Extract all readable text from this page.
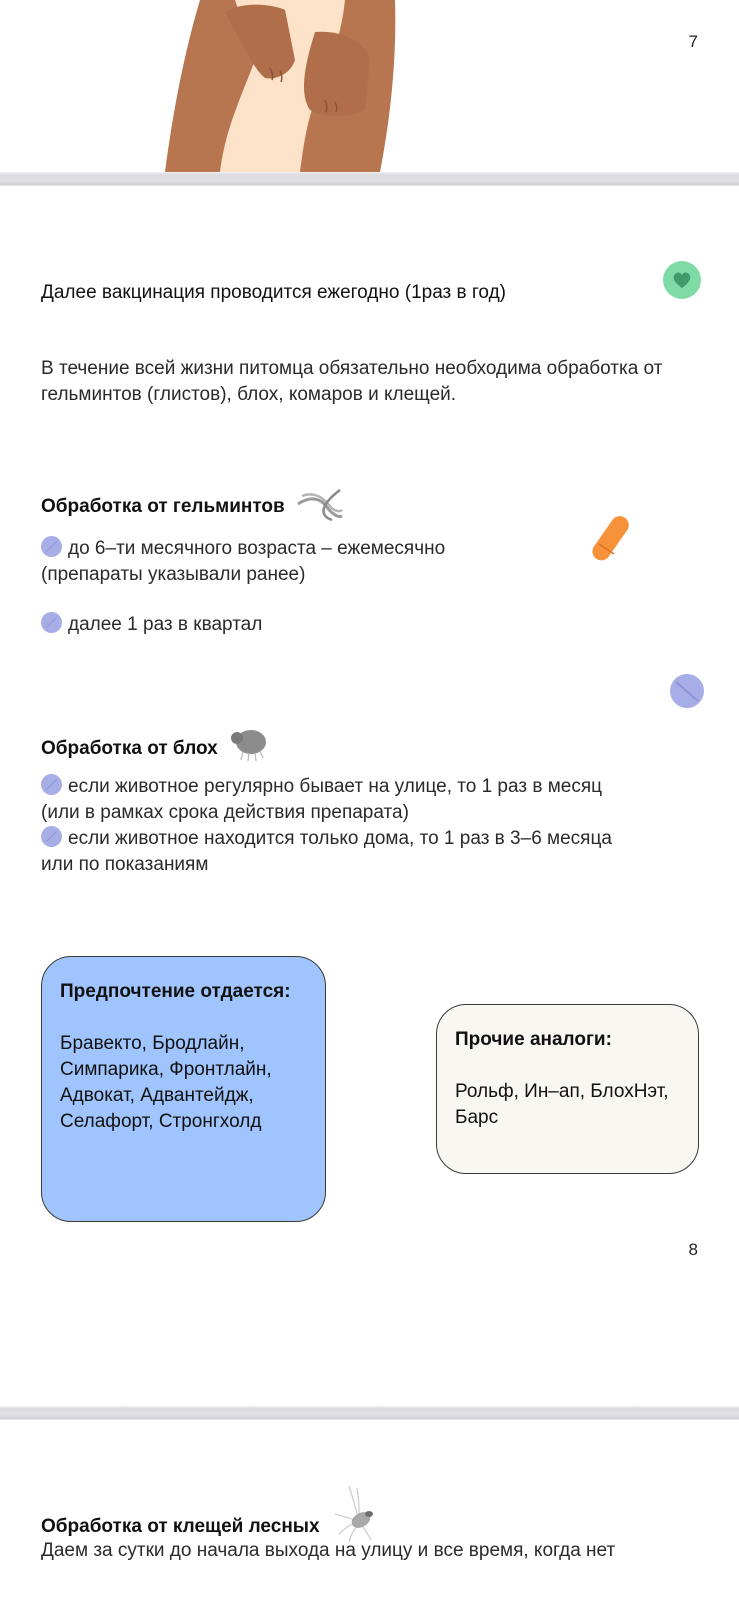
7
Далее вакцинация проводится ежегодно (1раз в год)
В течение всей жизни питомца обязательно необходима обработка от гельминтов (глистов), блох, комаров и клещей.
Обработка от гельминтов
до 6–ти месячного возраста – ежемесячно
(препараты указывали ранее)
далее 1 раз в квартал
Обработка от блох
если животное регулярно бывает на улице, то 1 раз в месяц
(или в рамках срока действия препарата)
если животное находится только дома, то 1 раз в 3–6 месяца
или по показаниям
8
Предпочтение отдается:
Бравекто, Бродлайн, Симпарика, Фронтлайн, Адвокат, Адвантейдж, Селафорт, Стронгхолд
Прочие аналоги:
Рольф, Ин–ап, БлохНэт, Барс
Обработка от клещей лесных
Даем за сутки до начала выхода на улицу и все время, когда нет
